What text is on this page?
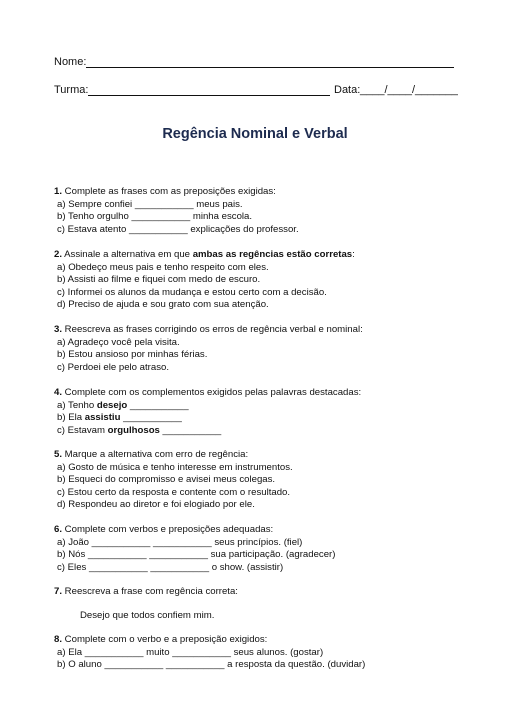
Nome:
Turma:	Data: ____/____/_______
Regência Nominal e Verbal
1. Complete as frases com as preposições exigidas:
a) Sempre confiei ___________ meus pais.
b) Tenho orgulho ___________ minha escola.
c) Estava atento ___________ explicações do professor.
2. Assinale a alternativa em que ambas as regências estão corretas:
a) Obedeço meus pais e tenho respeito com eles.
b) Assisti ao filme e fiquei com medo de escuro.
c) Informei os alunos da mudança e estou certo com a decisão.
d) Preciso de ajuda e sou grato com sua atenção.
3. Reescreva as frases corrigindo os erros de regência verbal e nominal:
a) Agradeço você pela visita.
b) Estou ansioso por minhas férias.
c) Perdoei ele pelo atraso.
4. Complete com os complementos exigidos pelas palavras destacadas:
a) Tenho desejo ___________
b) Ela assistiu ___________
c) Estavam orgulhosos ___________
5. Marque a alternativa com erro de regência:
a) Gosto de música e tenho interesse em instrumentos.
b) Esqueci do compromisso e avisei meus colegas.
c) Estou certo da resposta e contente com o resultado.
d) Respondeu ao diretor e foi elogiado por ele.
6. Complete com verbos e preposições adequadas:
a) João ___________ ___________ seus princípios. (fiel)
b) Nós ___________ ___________ sua participação. (agradecer)
c) Eles ___________ ___________ o show. (assistir)
7. Reescreva a frase com regência correta:
Desejo que todos confiem mim.
8. Complete com o verbo e a preposição exigidos:
a) Ela ___________ muito ___________ seus alunos. (gostar)
b) O aluno ___________ ___________ a resposta da questão. (duvidar)
